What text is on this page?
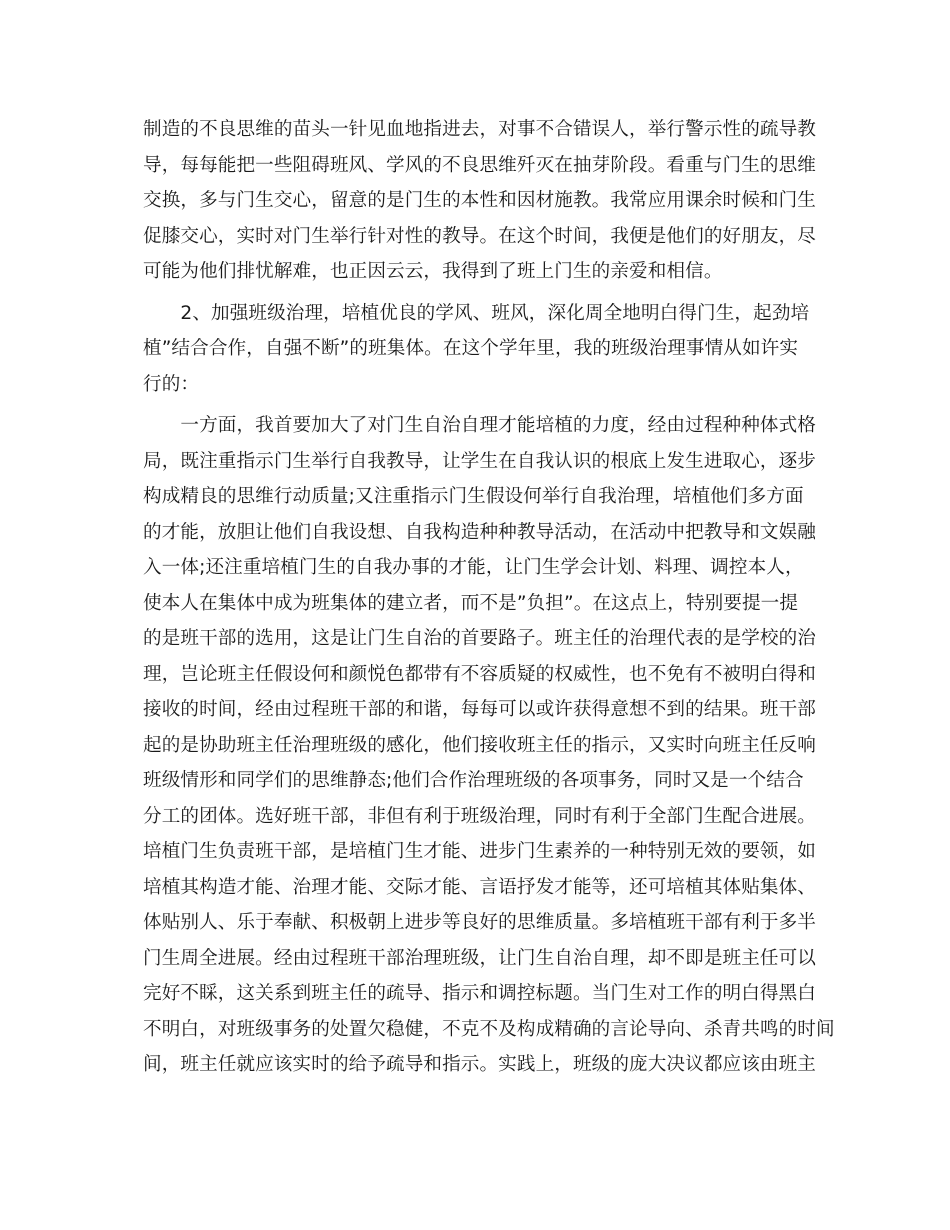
制造的不良思维的苗头一针见血地指进去，对事不合错误人，举行警示性的疏导教
导，每每能把一些阻碍班风、学风的不良思维歼灭在抽芽阶段。看重与门生的思维
交换，多与门生交心，留意的是门生的本性和因材施教。我常应用课余时候和门生
促膝交心，实时对门生举行针对性的教导。在这个时间，我便是他们的好朋友，尽
可能为他们排忧解难，也正因云云，我得到了班上门生的亲爱和相信。
　　2、加强班级治理，培植优良的学风、班风，深化周全地明白得门生，起劲培
植”结合合作，自强不断”的班集体。在这个学年里，我的班级治理事情从如许实
行的：
　　一方面，我首要加大了对门生自治自理才能培植的力度，经由过程种种体式格
局，既注重指示门生举行自我教导，让学生在自我认识的根底上发生进取心，逐步
构成精良的思维行动质量;又注重指示门生假设何举行自我治理，培植他们多方面
的才能，放胆让他们自我设想、自我构造种种教导活动，在活动中把教导和文娱融
入一体;还注重培植门生的自我办事的才能，让门生学会计划、料理、调控本人，
使本人在集体中成为班集体的建立者，而不是”负担”。在这点上，特别要提一提
的是班干部的选用，这是让门生自治的首要路子。班主任的治理代表的是学校的治
理，岂论班主任假设何和颜悦色都带有不容质疑的权威性，也不免有不被明白得和
接收的时间，经由过程班干部的和谐，每每可以或许获得意想不到的结果。班干部
起的是协助班主任治理班级的感化，他们接收班主任的指示，又实时向班主任反响
班级情形和同学们的思维静态;他们合作治理班级的各项事务，同时又是一个结合
分工的团体。选好班干部，非但有利于班级治理，同时有利于全部门生配合进展。
培植门生负责班干部，是培植门生才能、进步门生素养的一种特别无效的要领，如
培植其构造才能、治理才能、交际才能、言语抒发才能等，还可培植其体贴集体、
体贴别人、乐于奉献、积极朝上进步等良好的思维质量。多培植班干部有利于多半
门生周全进展。经由过程班干部治理班级，让门生自治自理，却不即是班主任可以
完好不睬，这关系到班主任的疏导、指示和调控标题。当门生对工作的明白得黑白
不明白，对班级事务的处置欠稳健，不克不及构成精确的言论导向、杀青共鸣的时间
间，班主任就应该实时的给予疏导和指示。实践上，班级的庞大决议都应该由班主
